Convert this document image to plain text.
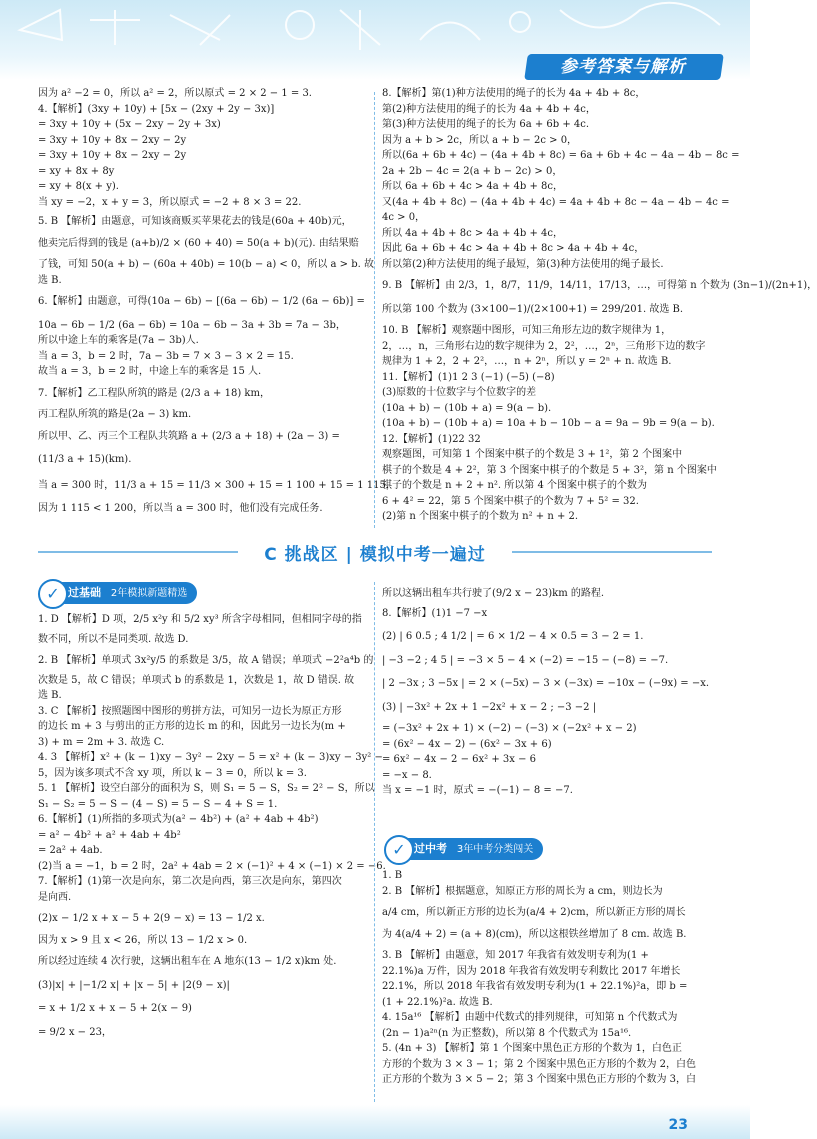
参考答案与解析
因为 a² −2 = 0，所以 a² = 2，所以原式 = 2 × 2 − 1 = 3.
4.【解析】(3xy + 10y) + [5x − (2xy + 2y − 3x)]
= 3xy + 10y + (5x − 2xy − 2y + 3x)
= 3xy + 10y + 8x − 2xy − 2y
= 3xy + 10y + 8x − 2xy − 2y
= xy + 8x + 8y
= xy + 8(x + y).
当 xy = −2，x + y = 3，所以原式 = −2 + 8 × 3 = 22.
5. B 【解析】由题意，可知该商贩买苹果花去的钱是(60a + 40b)元，
他卖完后得到的钱是 (a+b)/2 × (60 + 40) = 50(a + b)(元). 由结果赔
了钱，可知 50(a + b) − (60a + 40b) = 10(b − a) < 0，所以 a > b. 故
选 B.
6.【解析】由题意，可得(10a − 6b) − [(6a − 6b) − 1/2 (6a − 6b)] =
10a − 6b − 1/2 (6a − 6b) = 10a − 6b − 3a + 3b = 7a − 3b，
所以中途上车的乘客是(7a − 3b)人.
当 a = 3，b = 2 时，7a − 3b = 7 × 3 − 3 × 2 = 15.
故当 a = 3，b = 2 时，中途上车的乘客是 15 人.
7.【解析】乙工程队所筑的路是 (2/3 a + 18) km，
丙工程队所筑的路是(2a − 3) km.
所以甲、乙、丙三个工程队共筑路 a + (2/3 a + 18) + (2a − 3) =
(11/3 a + 15)(km).
当 a = 300 时，11/3 a + 15 = 11/3 × 300 + 15 = 1 100 + 15 = 1 115，
因为 1 115 < 1 200，所以当 a = 300 时，他们没有完成任务.
8.【解析】第(1)种方法使用的绳子的长为 4a + 4b + 8c，
第(2)种方法使用的绳子的长为 4a + 4b + 4c，
第(3)种方法使用的绳子的长为 6a + 6b + 4c.
因为 a + b > 2c，所以 a + b − 2c > 0，
所以(6a + 6b + 4c) − (4a + 4b + 8c) = 6a + 6b + 4c − 4a − 4b − 8c =
2a + 2b − 4c = 2(a + b − 2c) > 0，
所以 6a + 6b + 4c > 4a + 4b + 8c，
又(4a + 4b + 8c) − (4a + 4b + 4c) = 4a + 4b + 8c − 4a − 4b − 4c =
4c > 0，
所以 4a + 4b + 8c > 4a + 4b + 4c，
因此 6a + 6b + 4c > 4a + 4b + 8c > 4a + 4b + 4c，
所以第(2)种方法使用的绳子最短，第(3)种方法使用的绳子最长.
9. B 【解析】由 2/3，1，8/7，11/9，14/11，17/13，…，可得第 n 个数为 (3n−1)/(2n+1)，
所以第 100 个数为 (3×100−1)/(2×100+1) = 299/201. 故选 B.
10. B 【解析】观察题中图形，可知三角形左边的数字规律为 1，
2，…，n，三角形右边的数字规律为 2，2²，…，2ⁿ，三角形下边的数字
规律为 1 + 2，2 + 2²，…，n + 2ⁿ，所以 y = 2ⁿ + n. 故选 B.
11.【解析】(1)1 2 3 (−1) (−5) (−8)
(3)原数的十位数字与个位数字的差
(10a + b) − (10b + a) = 9(a − b).
(10a + b) − (10b + a) = 10a + b − 10b − a = 9a − 9b = 9(a − b).
12.【解析】(1)22 32
观察题图，可知第 1 个图案中棋子的个数是 3 + 1²，第 2 个图案中
棋子的个数是 4 + 2²，第 3 个图案中棋子的个数是 5 + 3²，第 n 个图案中
棋子的个数是 n + 2 + n². 所以第 4 个图案中棋子的个数为
6 + 4² = 22，第 5 个图案中棋子的个数为 7 + 5² = 32.
(2)第 n 个图案中棋子的个数为 n² + n + 2.
C 挑战区 | 模拟中考一遍过
✓ 过基础 2年模拟新题精选
1. D 【解析】D 项，2/5 x²y 和 5/2 xy³ 所含字母相同，但相同字母的指
数不同，所以不是同类项. 故选 D.
2. B 【解析】单项式 3x²y/5 的系数是 3/5，故 A 错误；单项式 −2²a⁴b 的
次数是 5，故 C 错误；单项式 b 的系数是 1，次数是 1，故 D 错误. 故
选 B.
3. C 【解析】按照题图中图形的剪拼方法，可知另一边长为原正方形
的边长 m + 3 与剪出的正方形的边长 m 的和，因此另一边长为(m +
3) + m = 2m + 3. 故选 C.
4. 3 【解析】x² + (k − 1)xy − 3y² − 2xy − 5 = x² + (k − 3)xy − 3y² −
5，因为该多项式不含 xy 项，所以 k − 3 = 0，所以 k = 3.
5. 1 【解析】设空白部分的面积为 S，则 S₁ = 5 − S，S₂ = 2² − S，所以
S₁ − S₂ = 5 − S − (4 − S) = 5 − S − 4 + S = 1.
6.【解析】(1)所指的多项式为(a² − 4b²) + (a² + 4ab + 4b²)
= a² − 4b² + a² + 4ab + 4b²
= 2a² + 4ab.
(2)当 a = −1，b = 2 时，2a² + 4ab = 2 × (−1)² + 4 × (−1) × 2 = −6.
7.【解析】(1)第一次是向东，第二次是向西，第三次是向东，第四次
是向西.
(2)x − 1/2 x + x − 5 + 2(9 − x) = 13 − 1/2 x.
因为 x > 9 且 x < 26，所以 13 − 1/2 x > 0.
所以经过连续 4 次行驶，这辆出租车在 A 地东(13 − 1/2 x)km 处.
(3)|x| + |−1/2 x| + |x − 5| + |2(9 − x)|
= x + 1/2 x + x − 5 + 2(x − 9)
= 9/2 x − 23，
所以这辆出租车共行驶了(9/2 x − 23)km 的路程.
8.【解析】(1)1 −7 −x
(2) | 6 0.5 ; 4 1/2 | = 6 × 1/2 − 4 × 0.5 = 3 − 2 = 1.
| −3 −2 ; 4 5 | = −3 × 5 − 4 × (−2) = −15 − (−8) = −7.
| 2 −3x ; 3 −5x | = 2 × (−5x) − 3 × (−3x) = −10x − (−9x) = −x.
(3) | −3x² + 2x + 1 −2x² + x − 2 ; −3 −2 |
= (−3x² + 2x + 1) × (−2) − (−3) × (−2x² + x − 2)
= (6x² − 4x − 2) − (6x² − 3x + 6)
= 6x² − 4x − 2 − 6x² + 3x − 6
= −x − 8.
当 x = −1 时，原式 = −(−1) − 8 = −7.
✓ 过中考 3年中考分类闯关
1. B
2. B 【解析】根据题意，知原正方形的周长为 a cm，则边长为
a/4 cm，所以新正方形的边长为(a/4 + 2)cm，所以新正方形的周长
为 4(a/4 + 2) = (a + 8)(cm)，所以这根铁丝增加了 8 cm. 故选 B.
3. B 【解析】由题意，知 2017 年我省有效发明专利为(1 +
22.1%)a 万件，因为 2018 年我省有效发明专利数比 2017 年增长
22.1%，所以 2018 年我省有效发明专利为(1 + 22.1%)²a，即 b =
(1 + 22.1%)²a. 故选 B.
4. 15a¹⁶ 【解析】由题中代数式的排列规律，可知第 n 个代数式为
(2n − 1)a²ⁿ(n 为正整数)，所以第 8 个代数式为 15a¹⁶.
5. (4n + 3) 【解析】第 1 个图案中黑色正方形的个数为 1，白色正
方形的个数为 3 × 3 − 1；第 2 个图案中黑色正方形的个数为 2，白色
正方形的个数为 3 × 5 − 2；第 3 个图案中黑色正方形的个数为 3，白
23
